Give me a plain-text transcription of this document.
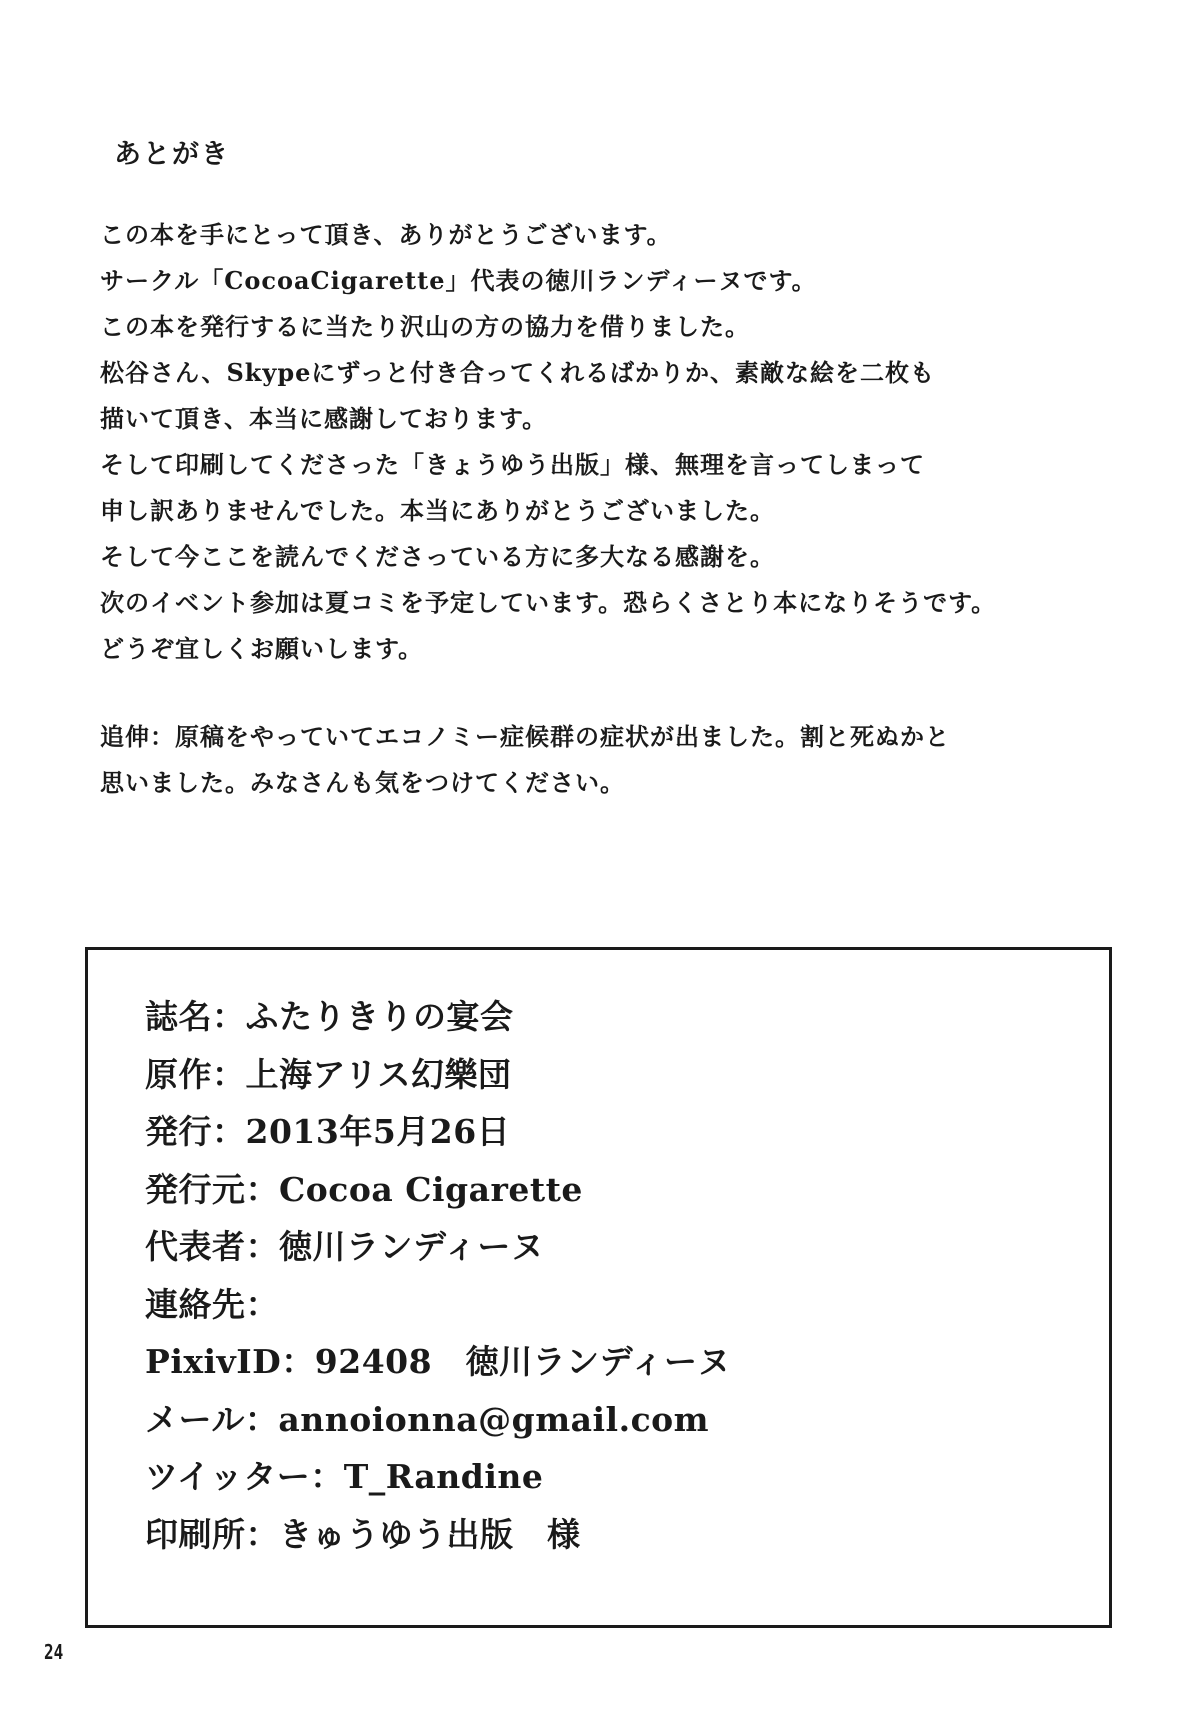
あとがき

この本を手にとって頂き、ありがとうございます。

サークル「CocoaCigarette」代表の徳川ランディーヌです。

この本を発行するに当たり沢山の方の協力を借りました。

松谷さん、Skypeにずっと付き合ってくれるばかりか、素敵な絵を二枚も

描いて頂き、本当に感謝しております。

そして印刷してくださった「きょうゆう出版」様、無理を言ってしまって

申し訳ありませんでした。本当にありがとうございました。

そして今ここを読んでくださっている方に多大なる感謝を。

次のイベント参加は夏コミを予定しています。恐らくさとり本になりそうです。

どうぞ宜しくお願いします。

追伸：原稿をやっていてエコノミー症候群の症状が出ました。割と死ぬかと

思いました。みなさんも気をつけてください。

誌名：ふたりきりの宴会
原作：上海アリス幻樂団
発行：2013年5月26日
発行元：Cocoa Cigarette
代表者：徳川ランディーヌ
連絡先：
PixivID：92408　徳川ランディーヌ
メール：annoionna@gmail.com
ツイッター：T_Randine
印刷所：きゅうゆう出版　様
24
